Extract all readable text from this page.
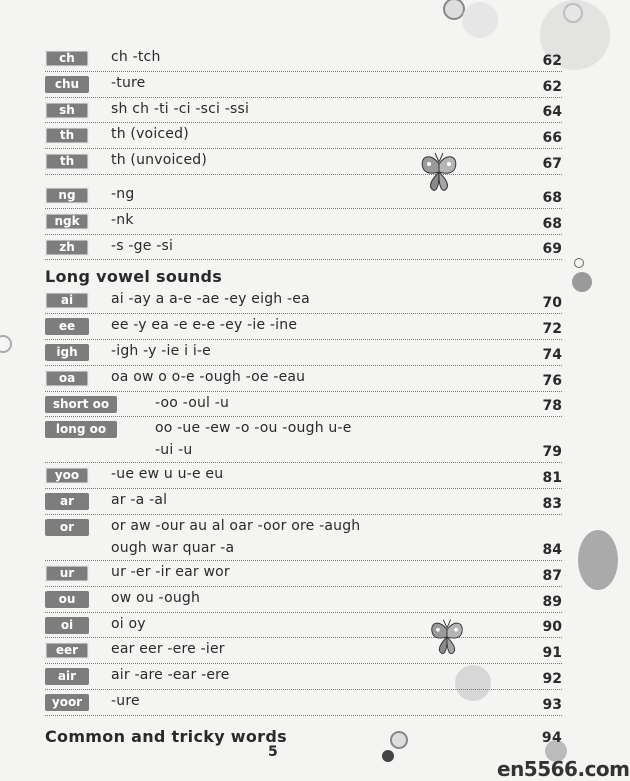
ch	ch -tch	62
chu	-ture	62
sh	sh ch -ti -ci -sci -ssi	64
th	th (voiced)	66
th	th (unvoiced)	67
ng	-ng	68
ngk	-nk	68
zh	-s -ge -si	69
Long vowel sounds
ai	ai -ay a a-e -ae -ey eigh -ea	70
ee	ee -y ea -e e-e -ey -ie -ine	72
igh	-igh -y -ie i i-e	74
oa	oa ow o o-e -ough -oe -eau	76
short oo	-oo -oul -u	78
long oo	oo -ue -ew -o -ou -ough u-e
-ui -u	79
yoo	-ue ew u u-e eu	81
ar	ar -a -al	83
or	or aw -our au al oar -oor ore -augh
ough war quar -a	84
ur	ur -er -ir ear wor	87
ou	ow ou -ough	89
oi	oi oy	90
eer	ear eer -ere -ier	91
air	air -are -ear -ere	92
yoor	-ure	93
Common and tricky words	94
5
en5566.com
